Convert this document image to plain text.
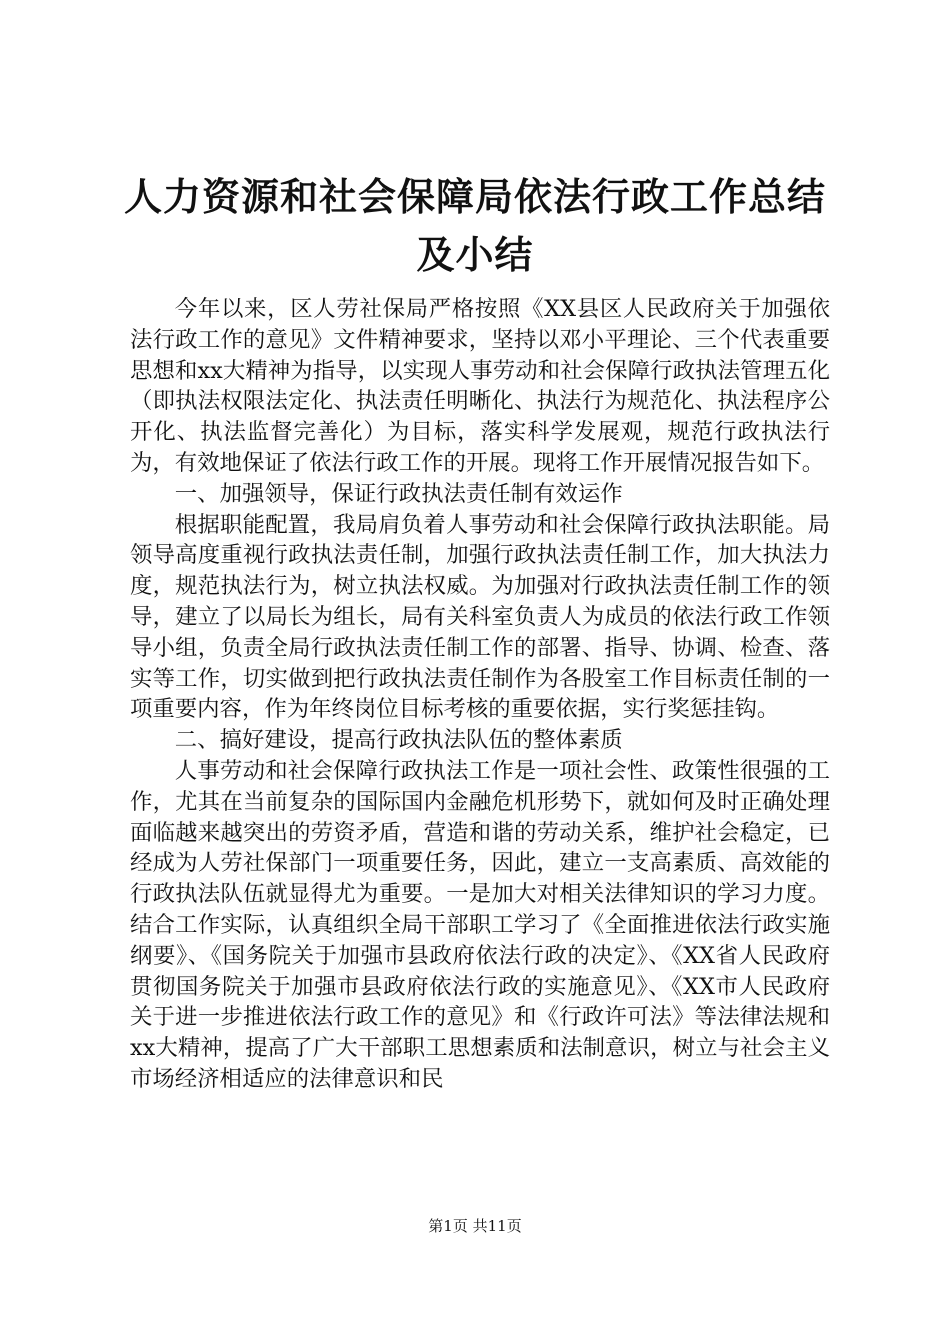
人力资源和社会保障局依法行政工作总结及小结

今年以来，区人劳社保局严格按照《XX县区人民政府关于加强依法行政工作的意见》文件精神要求，坚持以邓小平理论、三个代表重要思想和xx大精神为指导，以实现人事劳动和社会保障行政执法管理五化（即执法权限法定化、执法责任明晰化、执法行为规范化、执法程序公开化、执法监督完善化）为目标，落实科学发展观，规范行政执法行为，有效地保证了依法行政工作的开展。现将工作开展情况报告如下。

一、加强领导，保证行政执法责任制有效运作

根据职能配置，我局肩负着人事劳动和社会保障行政执法职能。局领导高度重视行政执法责任制，加强行政执法责任制工作，加大执法力度，规范执法行为，树立执法权威。为加强对行政执法责任制工作的领导，建立了以局长为组长，局有关科室负责人为成员的依法行政工作领导小组，负责全局行政执法责任制工作的部署、指导、协调、检查、落实等工作，切实做到把行政执法责任制作为各股室工作目标责任制的一项重要内容，作为年终岗位目标考核的重要依据，实行奖惩挂钩。

二、搞好建设，提高行政执法队伍的整体素质

人事劳动和社会保障行政执法工作是一项社会性、政策性很强的工作，尤其在当前复杂的国际国内金融危机形势下，就如何及时正确处理面临越来越突出的劳资矛盾，营造和谐的劳动关系，维护社会稳定，已经成为人劳社保部门一项重要任务，因此，建立一支高素质、高效能的行政执法队伍就显得尤为重要。一是加大对相关法律知识的学习力度。结合工作实际，认真组织全局干部职工学习了《全面推进依法行政实施纲要》、《国务院关于加强市县政府依法行政的决定》、《XX省人民政府贯彻国务院关于加强市县政府依法行政的实施意见》、《XX市人民政府关于进一步推进依法行政工作的意见》和《行政许可法》等法律法规和xx大精神，提高了广大干部职工思想素质和法制意识，树立与社会主义市场经济相适应的法律意识和民

第1页 共11页
